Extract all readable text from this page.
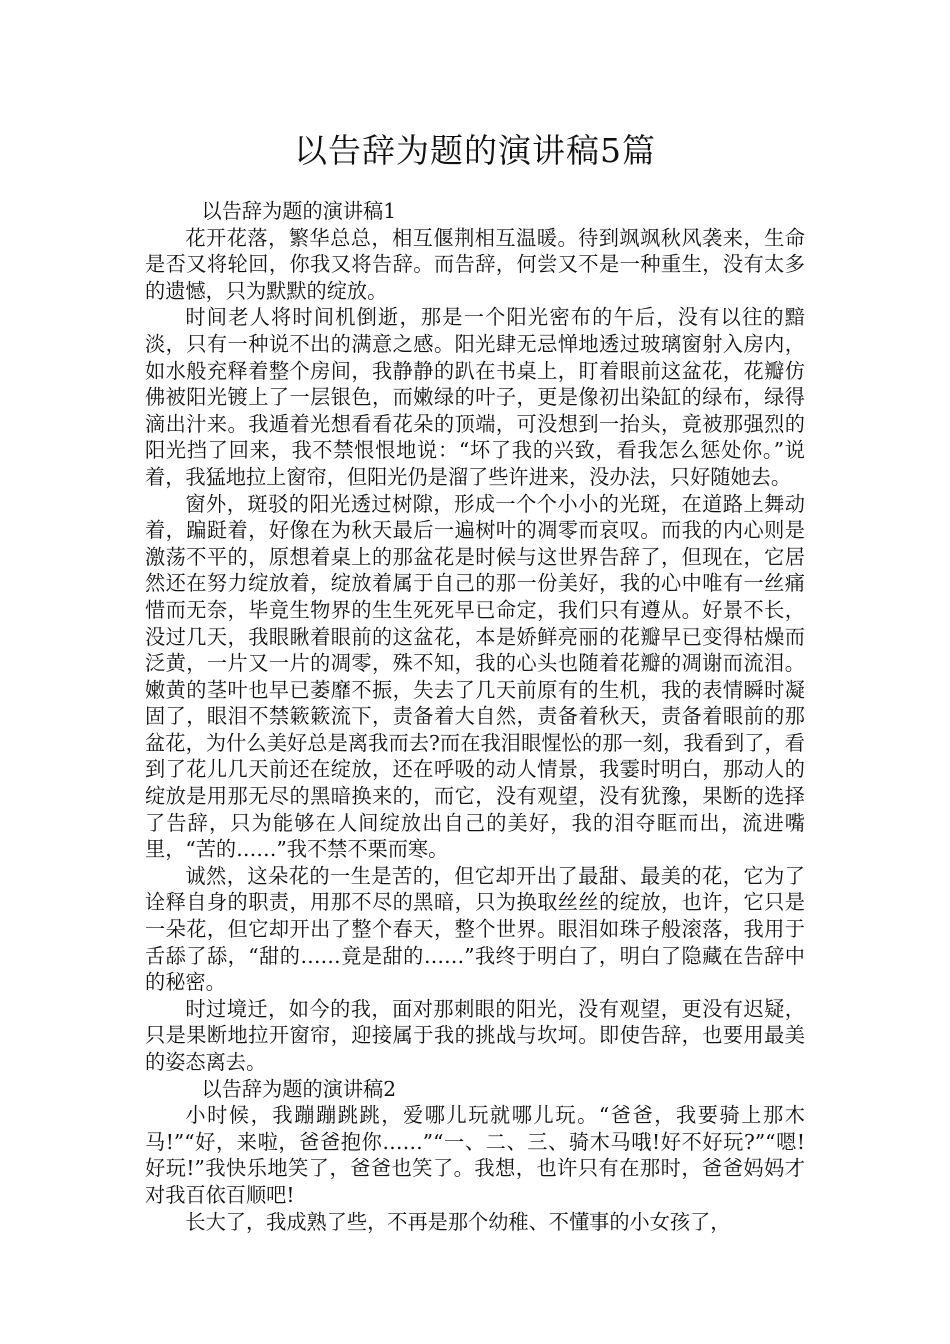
以告辞为题的演讲稿5篇

以告辞为题的演讲稿1

花开花落，繁华总总，相互偃荆相互温暖。待到飒飒秋风袭来，生命是否又将轮回，你我又将告辞。而告辞，何尝又不是一种重生，没有太多的遗憾，只为默默的绽放。

时间老人将时间机倒逝，那是一个阳光密布的午后，没有以往的黯淡，只有一种说不出的满意之感。阳光肆无忌惮地透过玻璃窗射入房内，如水般充释着整个房间，我静静的趴在书桌上，盯着眼前这盆花，花瓣仿佛被阳光镀上了一层银色，而嫩绿的叶子，更是像初出染缸的绿布，绿得滴出汁来。我遁着光想看看花朵的顶端，可没想到一抬头，竟被那强烈的阳光挡了回来，我不禁恨恨地说：“坏了我的兴致，看我怎么惩处你。”说着，我猛地拉上窗帘，但阳光仍是溜了些许进来，没办法，只好随她去。

窗外，斑驳的阳光透过树隙，形成一个个小小的光斑，在道路上舞动着，蹁跹着，好像在为秋天最后一遍树叶的凋零而哀叹。而我的内心则是激荡不平的，原想着桌上的那盆花是时候与这世界告辞了，但现在，它居然还在努力绽放着，绽放着属于自己的那一份美好，我的心中唯有一丝痛惜而无奈，毕竟生物界的生生死死早已命定，我们只有遵从。好景不长，没过几天，我眼瞅着眼前的这盆花，本是娇鲜亮丽的花瓣早已变得枯燥而泛黄，一片又一片的凋零，殊不知，我的心头也随着花瓣的凋谢而流泪。嫩黄的茎叶也早已萎靡不振，失去了几天前原有的生机，我的表情瞬时凝固了，眼泪不禁簌簌流下，责备着大自然，责备着秋天，责备着眼前的那盆花，为什么美好总是离我而去?而在我泪眼惺忪的那一刻，我看到了，看到了花儿几天前还在绽放，还在呼吸的动人情景，我霎时明白，那动人的绽放是用那无尽的黑暗换来的，而它，没有观望，没有犹豫，果断的选择了告辞，只为能够在人间绽放出自己的美好，我的泪夺眶而出，流进嘴里，“苦的……”我不禁不栗而寒。

诚然，这朵花的一生是苦的，但它却开出了最甜、最美的花，它为了诠释自身的职责，用那不尽的黑暗，只为换取丝丝的绽放，也许，它只是一朵花，但它却开出了整个春天，整个世界。眼泪如珠子般滚落，我用于舌舔了舔，“甜的……竟是甜的……”我终于明白了，明白了隐藏在告辞中的秘密。

时过境迁，如今的我，面对那刺眼的阳光，没有观望，更没有迟疑，只是果断地拉开窗帘，迎接属于我的挑战与坎坷。即使告辞，也要用最美的姿态离去。

以告辞为题的演讲稿2

小时候，我蹦蹦跳跳，爱哪儿玩就哪儿玩。“爸爸，我要骑上那木马!”“好，来啦，爸爸抱你……”“一、二、三、骑木马哦!好不好玩?”“嗯!好玩!”我快乐地笑了，爸爸也笑了。我想，也许只有在那时，爸爸妈妈才对我百依百顺吧!

长大了，我成熟了些，不再是那个幼稚、不懂事的小女孩了，
